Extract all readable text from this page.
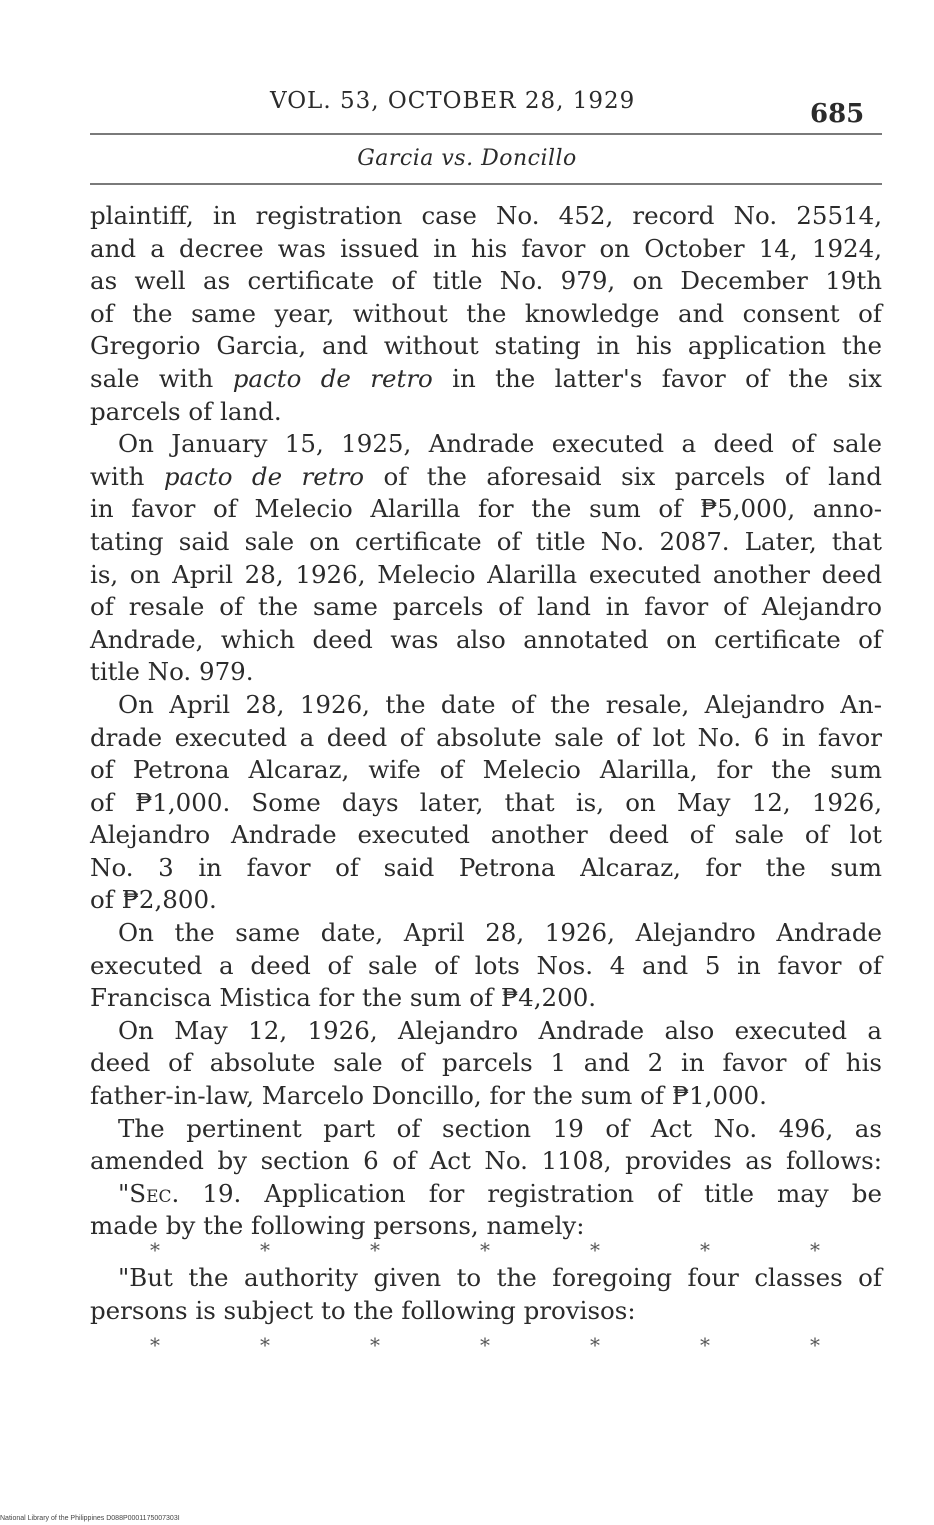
VOL. 53, OCTOBER 28, 1929	685
Garcia vs. Doncillo
plaintiff, in registration case No. 452, record No. 25514,
and a decree was issued in his favor on October 14, 1924,
as well as certificate of title No. 979, on December 19th
of the same year, without the knowledge and consent of
Gregorio Garcia, and without stating in his application the
sale with pacto de retro in the latter's favor of the six
parcels of land.
On January 15, 1925, Andrade executed a deed of sale
with pacto de retro of the aforesaid six parcels of land
in favor of Melecio Alarilla for the sum of ₱5,000, anno-
tating said sale on certificate of title No. 2087. Later, that
is, on April 28, 1926, Melecio Alarilla executed another deed
of resale of the same parcels of land in favor of Alejandro
Andrade, which deed was also annotated on certificate of
title No. 979.
On April 28, 1926, the date of the resale, Alejandro An-
drade executed a deed of absolute sale of lot No. 6 in favor
of Petrona Alcaraz, wife of Melecio Alarilla, for the sum
of ₱1,000. Some days later, that is, on May 12, 1926,
Alejandro Andrade executed another deed of sale of lot
No. 3 in favor of said Petrona Alcaraz, for the sum
of ₱2,800.
On the same date, April 28, 1926, Alejandro Andrade
executed a deed of sale of lots Nos. 4 and 5 in favor of
Francisca Mistica for the sum of ₱4,200.
On May 12, 1926, Alejandro Andrade also executed a
deed of absolute sale of parcels 1 and 2 in favor of his
father-in-law, Marcelo Doncillo, for the sum of ₱1,000.
The pertinent part of section 19 of Act No. 496, as
amended by section 6 of Act No. 1108, provides as follows:
"Sec. 19. Application for registration of title may be
made by the following persons, namely:
*	*	*	*	*	*	*
"But the authority given to the foregoing four classes of
persons is subject to the following provisos:
*	*	*	*	*	*	*
National Library of the Philippines D088P0001175007303I
